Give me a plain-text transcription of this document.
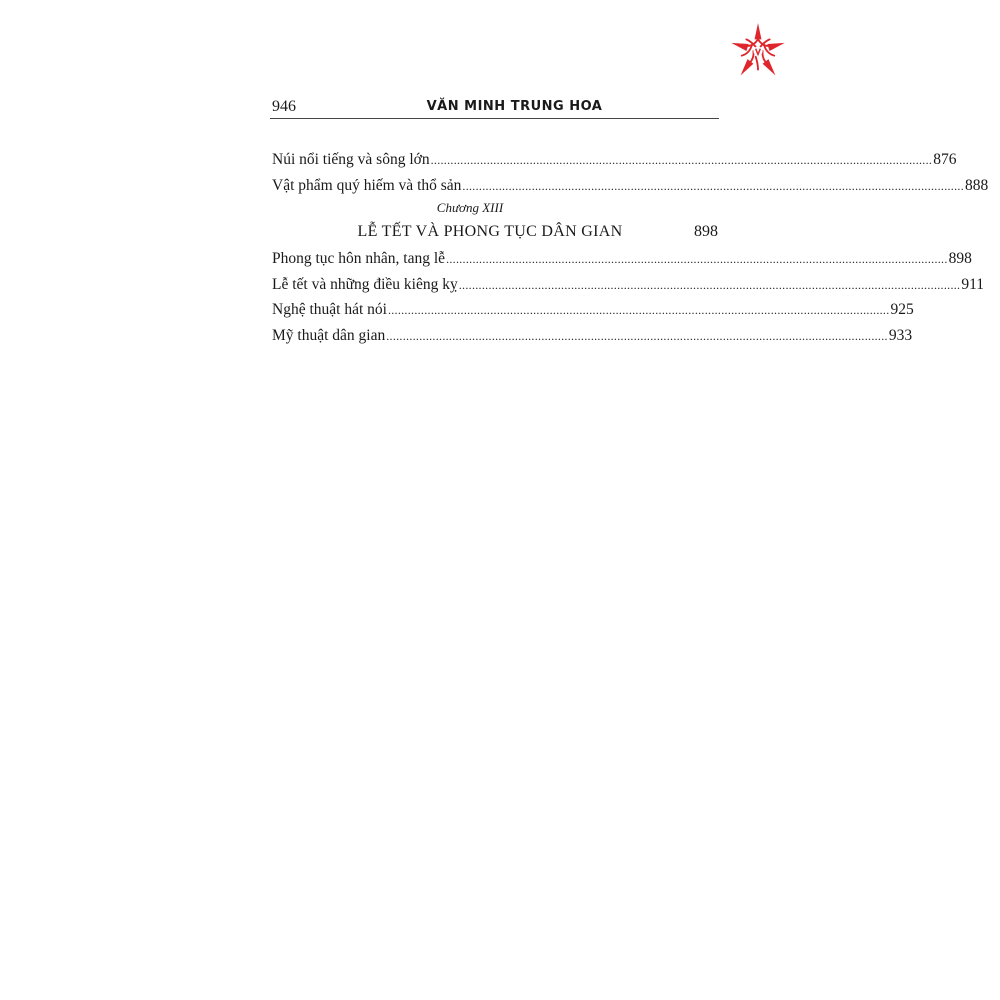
946	VĂN MINH TRUNG HOA
Núi nổi tiếng và sông lớn ........................................................................................................................................................ 876
Vật phẩm quý hiếm và thổ sản ........................................................................................................................................................ 888
Chương XIII
LỄ TẾT VÀ PHONG TỤC DÂN GIAN	898
Phong tục hôn nhân, tang lễ ........................................................................................................................................................ 898
Lễ tết và những điều kiêng kỵ ........................................................................................................................................................ 911
Nghệ thuật hát nói ........................................................................................................................................................ 925
Mỹ thuật dân gian ........................................................................................................................................................ 933
